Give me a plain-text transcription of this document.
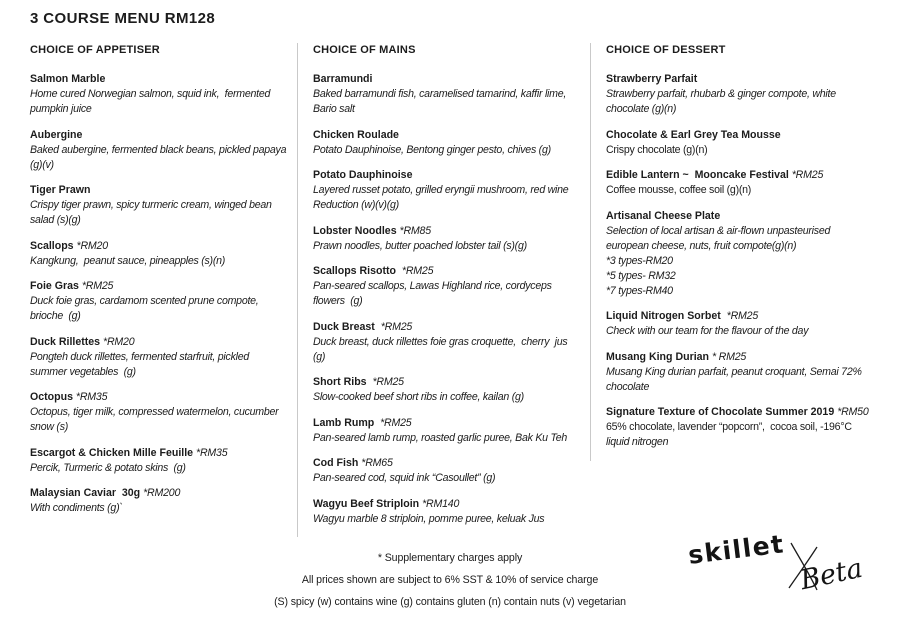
3 COURSE MENU RM128
CHOICE OF APPETISER
Salmon Marble
Home cured Norwegian salmon, squid ink,  fermented
pumpkin juice
Aubergine
Baked aubergine, fermented black beans, pickled papaya
(g)(v)
Tiger Prawn
Crispy tiger prawn, spicy turmeric cream, winged bean
salad (s)(g)
Scallops *RM20
Kangkung,  peanut sauce, pineapples (s)(n)
Foie Gras *RM25
Duck foie gras, cardamom scented prune compote,
brioche  (g)
Duck Rillettes *RM20
Pongteh duck rillettes, fermented starfruit, pickled
summer vegetables  (g)
Octopus *RM35
Octopus, tiger milk, compressed watermelon, cucumber
snow (s)
Escargot & Chicken Mille Feuille *RM35
Percik, Turmeric & potato skins  (g)
Malaysian Caviar  30g *RM200
With condiments (g)`
CHOICE OF MAINS
Barramundi
Baked barramundi fish, caramelised tamarind, kaffir lime,
Bario salt
Chicken Roulade
Potato Dauphinoise, Bentong ginger pesto, chives (g)
Potato Dauphinoise
Layered russet potato, grilled eryngii mushroom, red wine
Reduction (w)(v)(g)
Lobster Noodles *RM85
Prawn noodles, butter poached lobster tail (s)(g)
Scallops Risotto  *RM25
Pan-seared scallops, Lawas Highland rice, cordyceps
flowers  (g)
Duck Breast  *RM25
Duck breast, duck rillettes foie gras croquette,  cherry  jus
(g)
Short Ribs  *RM25
Slow-cooked beef short ribs in coffee, kailan (g)
Lamb Rump  *RM25
Pan-seared lamb rump, roasted garlic puree, Bak Ku Teh
Cod Fish *RM65
Pan-seared cod, squid ink “Casoullet” (g)
Wagyu Beef Striploin *RM140
Wagyu marble 8 striploin, pomme puree, keluak Jus
CHOICE OF DESSERT
Strawberry Parfait
Strawberry parfait, rhubarb & ginger compote, white
chocolate (g)(n)
Chocolate & Earl Grey Tea Mousse
Crispy chocolate (g)(n)
Edible Lantern ~  Mooncake Festival *RM25
Coffee mousse, coffee soil (g)(n)
Artisanal Cheese Plate
Selection of local artisan & air-flown unpasteurised
european cheese, nuts, fruit compote(g)(n)
*3 types-RM20
*5 types- RM32
*7 types-RM40
Liquid Nitrogen Sorbet  *RM25
Check with our team for the flavour of the day
Musang King Durian * RM25
Musang King durian parfait, peanut croquant, Semai 72%
chocolate
Signature Texture of Chocolate Summer 2019 *RM50
65% chocolate, lavender “popcorn”,  cocoa soil, -196°C
liquid nitrogen
* Supplementary charges apply
All prices shown are subject to 6% SST & 10% of service charge
(S) spicy (w) contains wine (g) contains gluten (n) contain nuts (v) vegetarian
skillet
Beta
